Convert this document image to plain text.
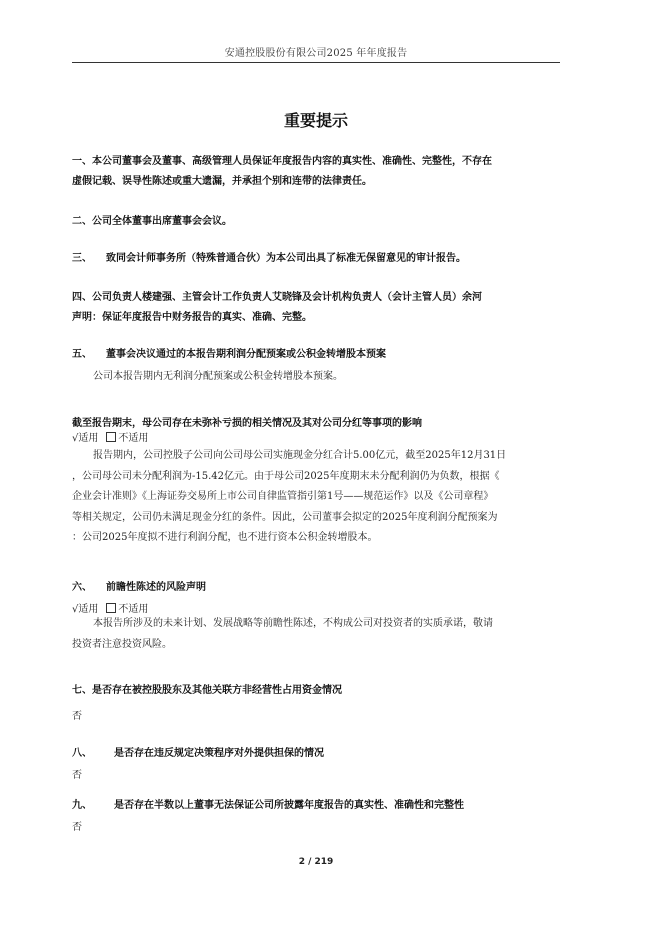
安通控股股份有限公司2025 年年度报告
重要提示
一、本公司董事会及董事、高级管理人员保证年度报告内容的真实性、准确性、完整性，不存在
虚假记载、误导性陈述或重大遗漏，并承担个别和连带的法律责任。
二、公司全体董事出席董事会会议。
三、 致同会计师事务所（特殊普通合伙）为本公司出具了标准无保留意见的审计报告。
四、公司负责人楼建强、主管会计工作负责人艾晓锋及会计机构负责人（会计主管人员）余河
声明：保证年度报告中财务报告的真实、准确、完整。
五、 董事会决议通过的本报告期利润分配预案或公积金转增股本预案
公司本报告期内无利润分配预案或公积金转增股本预案。
截至报告期末，母公司存在未弥补亏损的相关情况及其对公司分红等事项的影响
√适用 不适用
报告期内，公司控股子公司向公司母公司实施现金分红合计5.00亿元，截至2025年12月31日
，公司母公司未分配利润为-15.42亿元。由于母公司2025年度期末未分配利润仍为负数，根据《
企业会计准则》《上海证券交易所上市公司自律监管指引第1号——规范运作》以及《公司章程》
等相关规定，公司仍未满足现金分红的条件。因此，公司董事会拟定的2025年度利润分配预案为
：公司2025年度拟不进行利润分配，也不进行资本公积金转增股本。
六、 前瞻性陈述的风险声明
√适用 不适用
本报告所涉及的未来计划、发展战略等前瞻性陈述，不构成公司对投资者的实质承诺，敬请
投资者注意投资风险。
七、是否存在被控股股东及其他关联方非经营性占用资金情况
否
八、 是否存在违反规定决策程序对外提供担保的情况
否
九、 是否存在半数以上董事无法保证公司所披露年度报告的真实性、准确性和完整性
否
2 / 219
